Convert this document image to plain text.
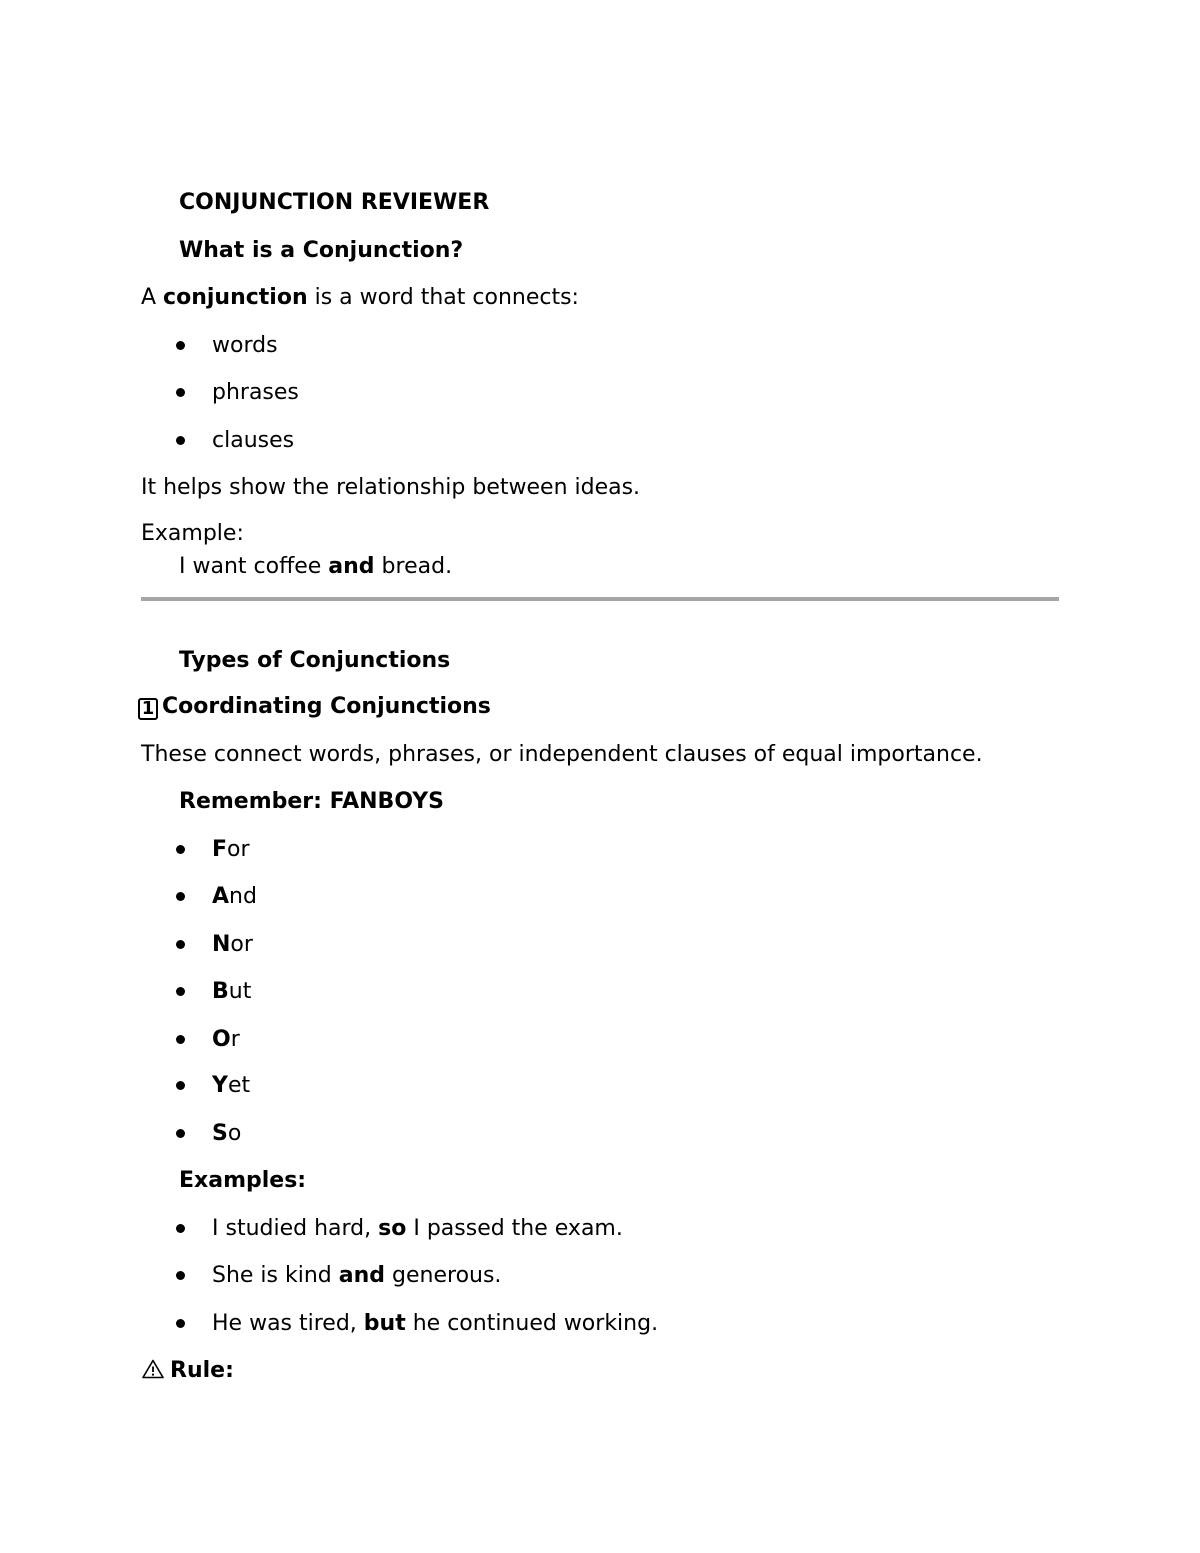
CONJUNCTION REVIEWER
What is a Conjunction?
A conjunction is a word that connects:
words
phrases
clauses
It helps show the relationship between ideas.
Example:
I want coffee and bread.
Types of Conjunctions
1 Coordinating Conjunctions
These connect words, phrases, or independent clauses of equal importance.
Remember: FANBOYS
For
And
Nor
But
Or
Yet
So
Examples:
I studied hard, so I passed the exam.
She is kind and generous.
He was tired, but he continued working.
Rule:
